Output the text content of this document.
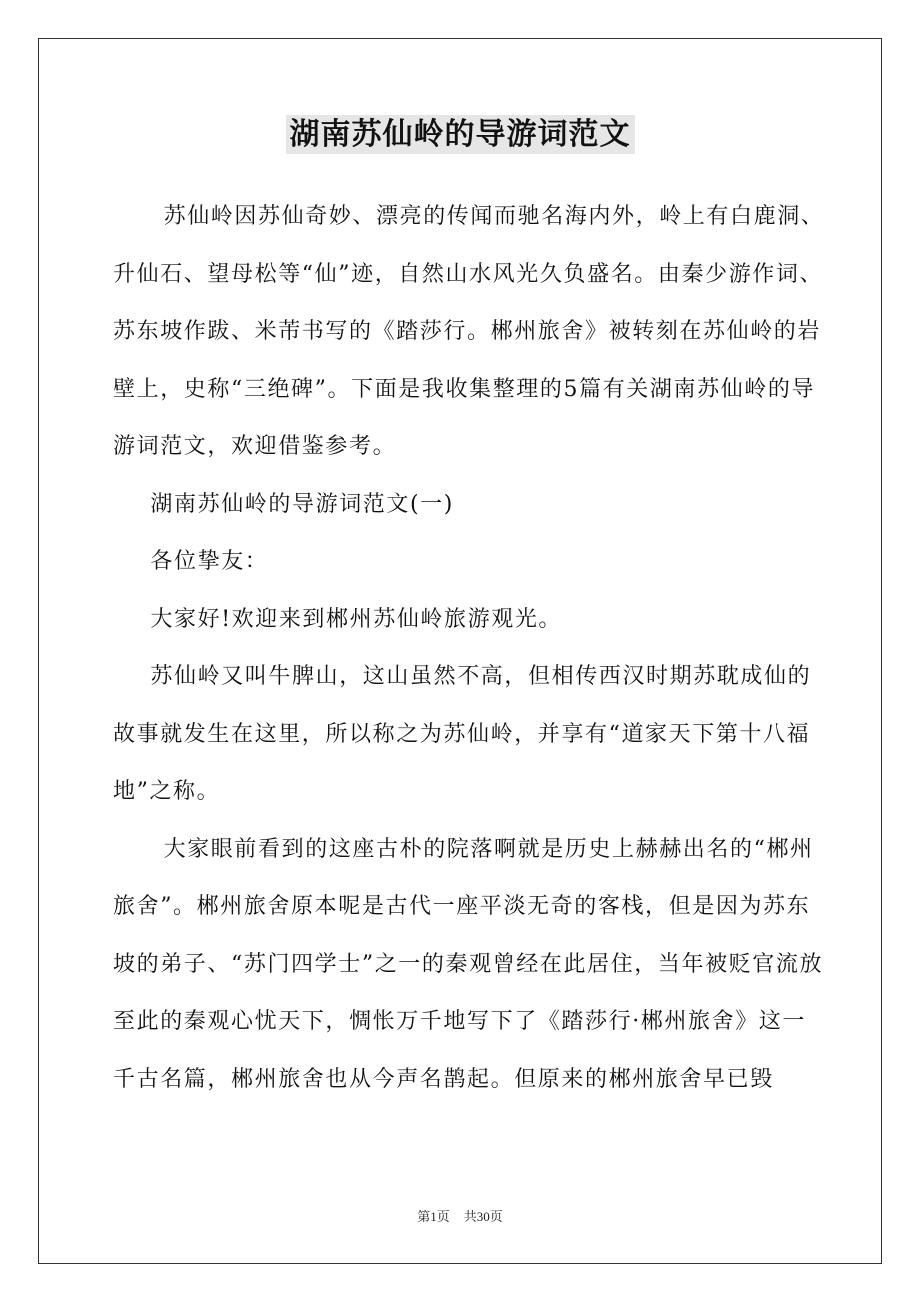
湖南苏仙岭的导游词范文

苏仙岭因苏仙奇妙、漂亮的传闻而驰名海内外，岭上有白鹿洞、升仙石、望母松等“仙”迹，自然山水风光久负盛名。由秦少游作词、苏东坡作跋、米芾书写的《踏莎行。郴州旅舍》被转刻在苏仙岭的岩壁上，史称“三绝碑”。下面是我收集整理的5篇有关湖南苏仙岭的导游词范文，欢迎借鉴参考。

湖南苏仙岭的导游词范文(一)

各位挚友：

大家好!欢迎来到郴州苏仙岭旅游观光。

苏仙岭又叫牛脾山，这山虽然不高，但相传西汉时期苏耽成仙的故事就发生在这里，所以称之为苏仙岭，并享有“道家天下第十八福地”之称。

大家眼前看到的这座古朴的院落啊就是历史上赫赫出名的“郴州旅舍”。郴州旅舍原本呢是古代一座平淡无奇的客栈，但是因为苏东坡的弟子、“苏门四学士”之一的秦观曾经在此居住，当年被贬官流放至此的秦观心忧天下，惆怅万千地写下了《踏莎行·郴州旅舍》这一千古名篇，郴州旅舍也从今声名鹊起。但原来的郴州旅舍早已毁

第1页 共30页
